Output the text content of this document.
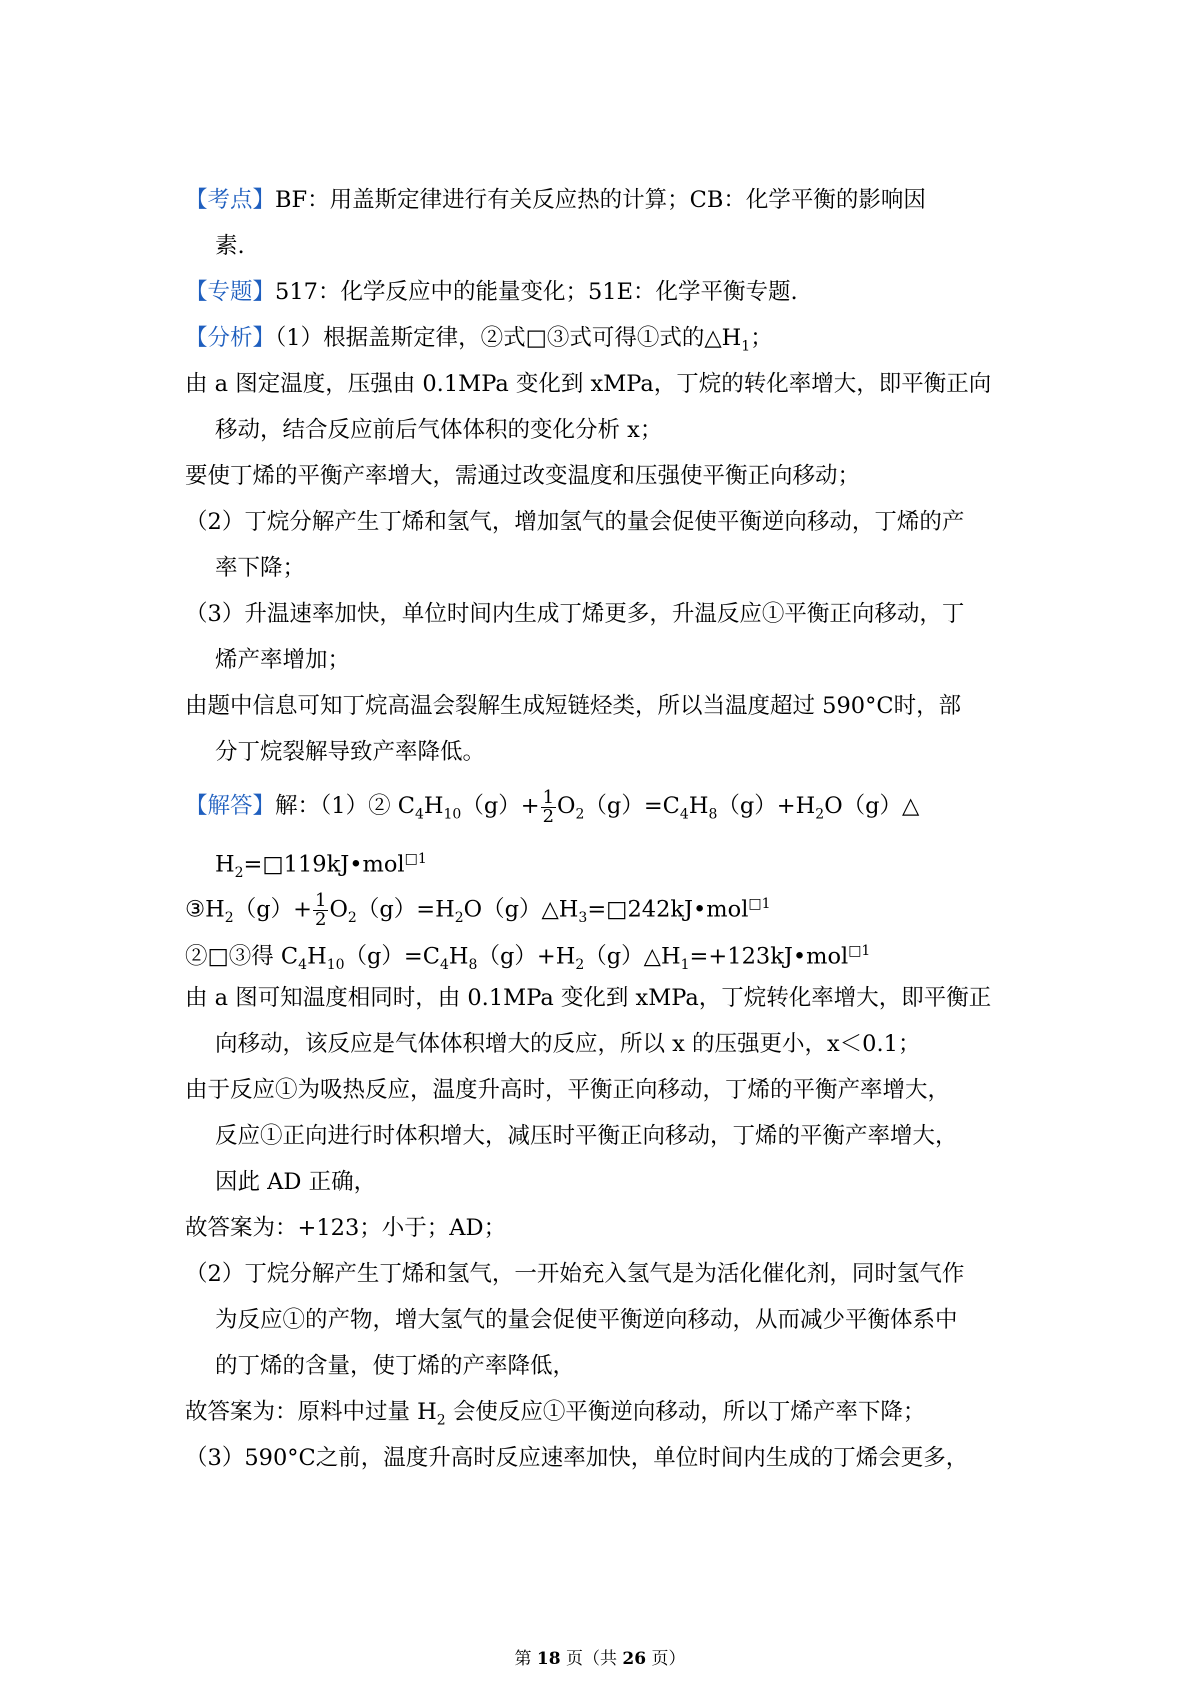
【考点】BF：用盖斯定律进行有关反应热的计算；CB：化学平衡的影响因
素.
【专题】517：化学反应中的能量变化；51E：化学平衡专题.
【分析】（1）根据盖斯定律，②式□③式可得①式的$\triangle H_1$；
由 a 图定温度，压强由 0.1MPa 变化到 xMPa，丁烷的转化率增大，即平衡正向
移动，结合反应前后气体体积的变化分析 x；
要使丁烯的平衡产率增大，需通过改变温度和压强使平衡正向移动；
（2）丁烷分解产生丁烯和氢气，增加氢气的量会促使平衡逆向移动，丁烯的产
率下降；
（3）升温速率加快，单位时间内生成丁烯更多，升温反应①平衡正向移动，丁
烯产率增加；
由题中信息可知丁烷高温会裂解生成短链烃类，所以当温度超过 590°C时，部
分丁烷裂解导致产率降低。
【解答】解：（1）② $C_4H_{10}(g)+ \frac{1}{2}$ $O_2(g)=C_4H_8(g)+H_2O(g)\triangle$
$H_2=□119kJ•mol^{□1}$
$③H_2(g)+ \frac{1}{2}$ $O_2(g)=H_2O(g)\triangle H_3=□242kJ•mol^{□1}$
②□③得 $C_4H_{10}(g)=C_4H_8(g)+H_2(g)\triangle H_1=+123kJ•mol^{□1}$
由 a 图可知温度相同时，由 0.1MPa 变化到 xMPa，丁烷转化率增大，即平衡正
向移动，该反应是气体体积增大的反应，所以 x 的压强更小，x＜0.1；
由于反应①为吸热反应，温度升高时，平衡正向移动，丁烯的平衡产率增大，
反应①正向进行时体积增大，减压时平衡正向移动，丁烯的平衡产率增大，
因此 AD 正确，
故答案为：+123；小于；AD；
（2）丁烷分解产生丁烯和氢气，一开始充入氢气是为活化催化剂，同时氢气作
为反应①的产物，增大氢气的量会促使平衡逆向移动，从而减少平衡体系中
的丁烯的含量，使丁烯的产率降低，
故答案为：原料中过量 $H_2$ 会使反应①平衡逆向移动，所以丁烯产率下降；
（3）590°C之前，温度升高时反应速率加快，单位时间内生成的丁烯会更多，
第 18 页（共 26 页）
